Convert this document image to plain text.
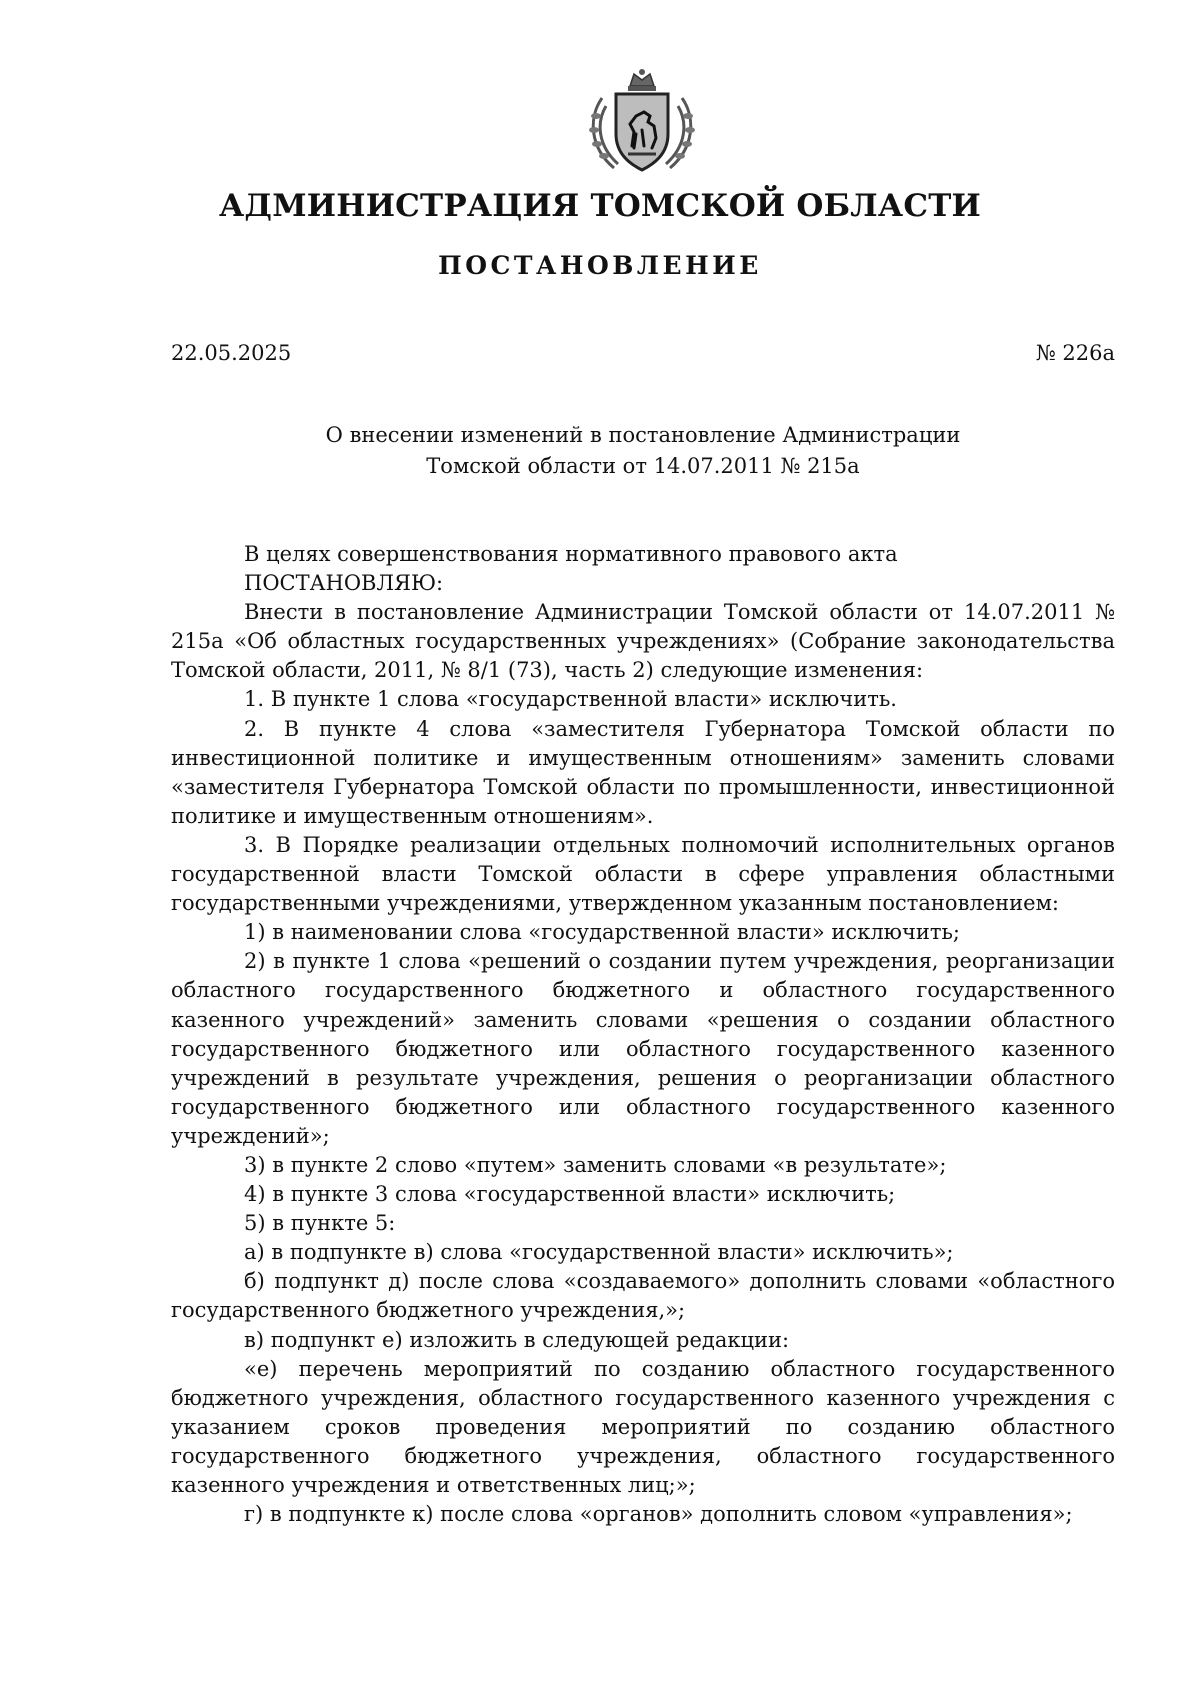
АДМИНИСТРАЦИЯ ТОМСКОЙ ОБЛАСТИ
ПОСТАНОВЛЕНИЕ
22.05.2025	№ 226а
О внесении изменений в постановление Администрации
Томской области от 14.07.2011 № 215а

В целях совершенствования нормативного правового акта

ПОСТАНОВЛЯЮ:

Внести в постановление Администрации Томской области от 14.07.2011 № 215а «Об областных государственных учреждениях» (Собрание законодательства Томской области, 2011, № 8/1 (73), часть 2) следующие изменения:

1. В пункте 1 слова «государственной власти» исключить.

2. В пункте 4 слова «заместителя Губернатора Томской области по инвестиционной политике и имущественным отношениям» заменить словами «заместителя Губернатора Томской области по промышленности, инвестиционной политике и имущественным отношениям».

3. В Порядке реализации отдельных полномочий исполнительных органов государственной власти Томской области в сфере управления областными государственными учреждениями, утвержденном указанным постановлением:

1) в наименовании слова «государственной власти» исключить;

2) в пункте 1 слова «решений о создании путем учреждения, реорганизации областного государственного бюджетного и областного государственного казенного учреждений» заменить словами «решения о создании областного государственного бюджетного или областного государственного казенного учреждений в результате учреждения, решения о реорганизации областного государственного бюджетного или областного государственного казенного учреждений»;

3) в пункте 2 слово «путем» заменить словами «в результате»;

4) в пункте 3 слова «государственной власти» исключить;

5) в пункте 5:

а) в подпункте в) слова «государственной власти» исключить»;

б) подпункт д) после слова «создаваемого» дополнить словами «областного государственного бюджетного учреждения,»;

в) подпункт е) изложить в следующей редакции:

«е) перечень мероприятий по созданию областного государственного бюджетного учреждения, областного государственного казенного учреждения с указанием сроков проведения мероприятий по созданию областного государственного бюджетного учреждения, областного государственного казенного учреждения и ответственных лиц;»;

г) в подпункте к) после слова «органов» дополнить словом «управления»;
